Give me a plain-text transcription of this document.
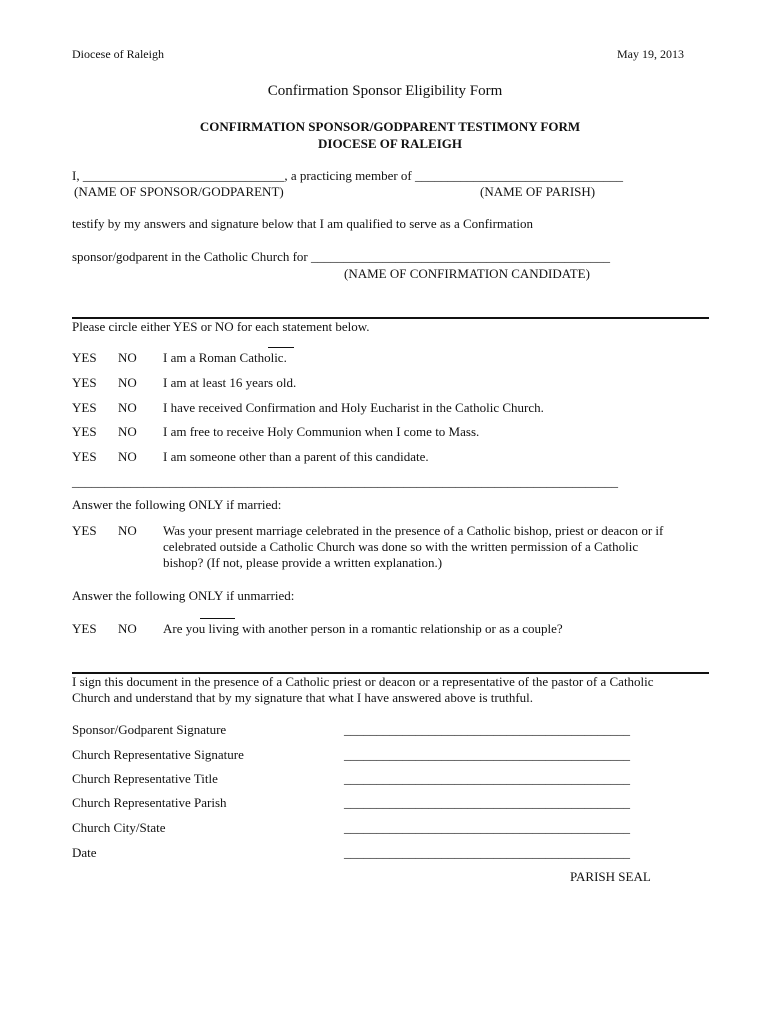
Diocese of Raleigh	May 19, 2013
Confirmation Sponsor Eligibility Form
CONFIRMATION SPONSOR/GODPARENT TESTIMONY FORM
DIOCESE OF RALEIGH
I, _______________________________, a practicing member of ________________________________
(NAME OF SPONSOR/GODPARENT)	(NAME OF PARISH)
testify by my answers and signature below that I am qualified to serve as a Confirmation
sponsor/godparent in the Catholic Church for ______________________________________________
(NAME OF CONFIRMATION CANDIDATE)
Please circle either YES or NO for each statement below.
YES NO I am a Roman Catholic.
YES NO I am at least 16 years old.
YES NO I have received Confirmation and Holy Eucharist in the Catholic Church.
YES NO I am free to receive Holy Communion when I come to Mass.
YES NO I am someone other than a parent of this candidate.
____________________________________________________________________________________
Answer the following ONLY if married:
YES NO Was your present marriage celebrated in the presence of a Catholic bishop, priest or deacon or if
celebrated outside a Catholic Church was done so with the written permission of a Catholic
bishop? (If not, please provide a written explanation.)
Answer the following ONLY if unmarried:
YES NO Are you living with another person in a romantic relationship or as a couple?
I sign this document in the presence of a Catholic priest or deacon or a representative of the pastor of a Catholic
Church and understand that by my signature that what I have answered above is truthful.
Sponsor/Godparent Signature	____________________________________________
Church Representative Signature	____________________________________________
Church Representative Title	____________________________________________
Church Representative Parish	____________________________________________
Church City/State	____________________________________________
Date	____________________________________________
PARISH SEAL
